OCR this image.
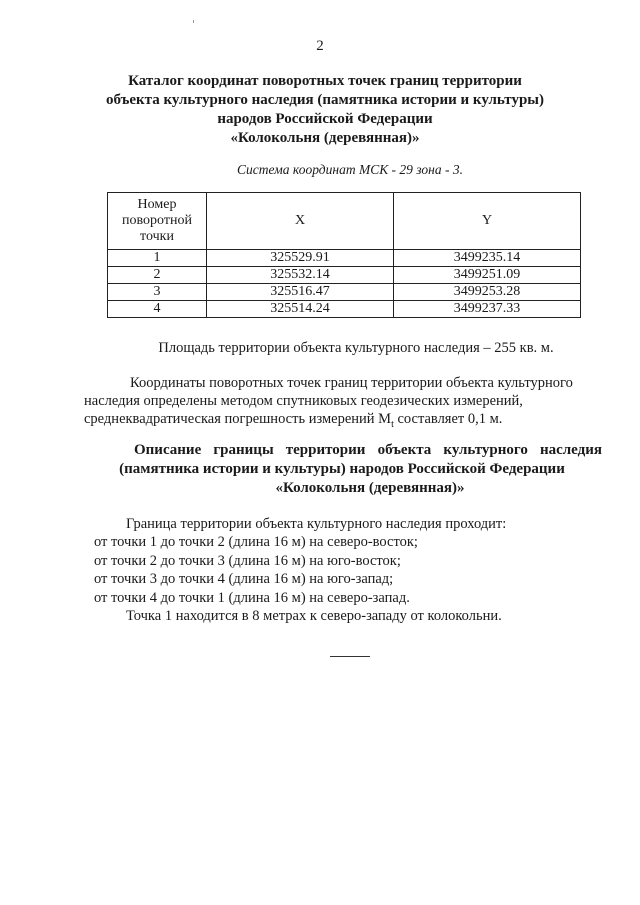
2
Каталог координат поворотных точек границ территории
объекта культурного наследия (памятника истории и культуры)
народов Российской Федерации
«Колокольня (деревянная)»
Система координат МСК - 29 зона - 3.
Номер
поворотной
точки	X	Y
1	325529.91	3499235.14
2	325532.14	3499251.09
3	325516.47	3499253.28
4	325514.24	3499237.33
Площадь территории объекта культурного наследия – 255 кв. м.
Координаты поворотных точек границ территории объекта культурного
наследия определены методом спутниковых геодезических измерений,
среднеквадратическая погрешность измерений $M_t$ составляет 0,1 м.
Описание границы территории объекта культурного наследия
(памятника истории и культуры) народов Российской Федерации
«Колокольня (деревянная)»
Граница территории объекта культурного наследия проходит:
от точки 1 до точки 2 (длина 16 м) на северо-восток;
от точки 2 до точки 3 (длина 16 м) на юго-восток;
от точки 3 до точки 4 (длина 16 м) на юго-запад;
от точки 4 до точки 1 (длина 16 м) на северо-запад.
Точка 1 находится в 8 метрах к северо-западу от колокольни.
